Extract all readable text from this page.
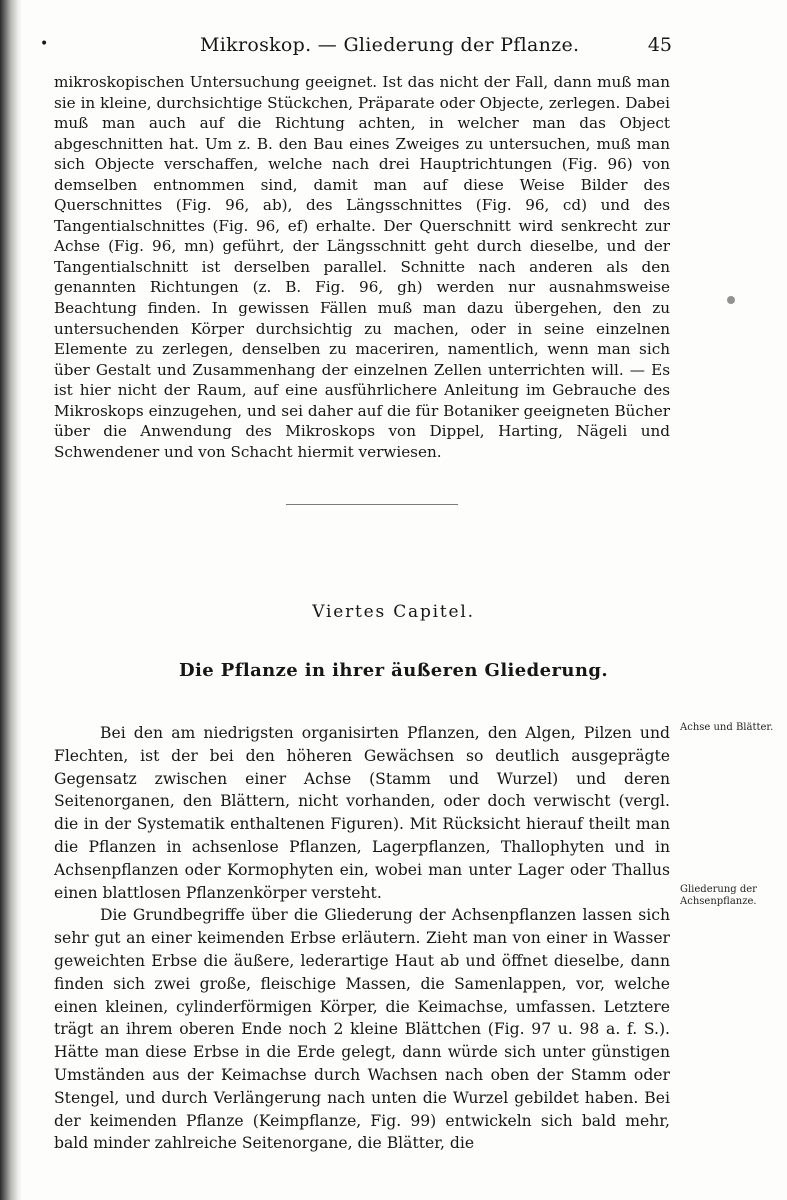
•	Mikroskop. — Gliederung der Pflanze.	45

mikroskopischen Untersuchung geeignet. Ist das nicht der Fall, dann muß man sie in kleine, durchsichtige Stückchen, Präparate oder Objecte, zerlegen. Dabei muß man auch auf die Richtung achten, in welcher man das Object abgeschnitten hat. Um z. B. den Bau eines Zweiges zu untersuchen, muß man sich Objecte verschaffen, welche nach drei Hauptrichtungen (Fig. 96) von demselben entnommen sind, damit man auf diese Weise Bilder des Querschnittes (Fig. 96, ab), des Längsschnittes (Fig. 96, cd) und des Tangentialschnittes (Fig. 96, ef) erhalte. Der Querschnitt wird senkrecht zur Achse (Fig. 96, mn) geführt, der Längsschnitt geht durch dieselbe, und der Tangentialschnitt ist derselben parallel. Schnitte nach anderen als den genannten Richtungen (z. B. Fig. 96, gh) werden nur ausnahmsweise Beachtung finden. In gewissen Fällen muß man dazu übergehen, den zu untersuchenden Körper durchsichtig zu machen, oder in seine einzelnen Elemente zu zerlegen, denselben zu maceriren, namentlich, wenn man sich über Gestalt und Zusammenhang der einzelnen Zellen unterrichten will. — Es ist hier nicht der Raum, auf eine ausführlichere Anleitung im Gebrauche des Mikroskops einzugehen, und sei daher auf die für Botaniker geeigneten Bücher über die Anwendung des Mikroskops von Dippel, Harting, Nägeli und Schwendener und von Schacht hiermit verwiesen.

Viertes Capitel.
Die Pflanze in ihrer äußeren Gliederung.

Bei den am niedrigsten organisirten Pflanzen, den Algen, Pilzen und Flechten, ist der bei den höheren Gewächsen so deutlich ausgeprägte Gegensatz zwischen einer Achse (Stamm und Wurzel) und deren Seitenorganen, den Blättern, nicht vorhanden, oder doch verwischt (vergl. die in der Systematik enthaltenen Figuren). Mit Rücksicht hierauf theilt man die Pflanzen in achsenlose Pflanzen, Lagerpflanzen, Thallophyten und in Achsenpflanzen oder Kormophyten ein, wobei man unter Lager oder Thallus einen blattlosen Pflanzenkörper versteht.

Die Grundbegriffe über die Gliederung der Achsenpflanzen lassen sich sehr gut an einer keimenden Erbse erläutern. Zieht man von einer in Wasser geweichten Erbse die äußere, lederartige Haut ab und öffnet dieselbe, dann finden sich zwei große, fleischige Massen, die Samenlappen, vor, welche einen kleinen, cylinderförmigen Körper, die Keimachse, umfassen. Letztere trägt an ihrem oberen Ende noch 2 kleine Blättchen (Fig. 97 u. 98 a. f. S.). Hätte man diese Erbse in die Erde gelegt, dann würde sich unter günstigen Umständen aus der Keimachse durch Wachsen nach oben der Stamm oder Stengel, und durch Verlängerung nach unten die Wurzel gebildet haben. Bei der keimenden Pflanze (Keimpflanze, Fig. 99) entwickeln sich bald mehr, bald minder zahlreiche Seitenorgane, die Blätter, die

Achse und Blätter.
Gliederung der Achsenpflanze.
